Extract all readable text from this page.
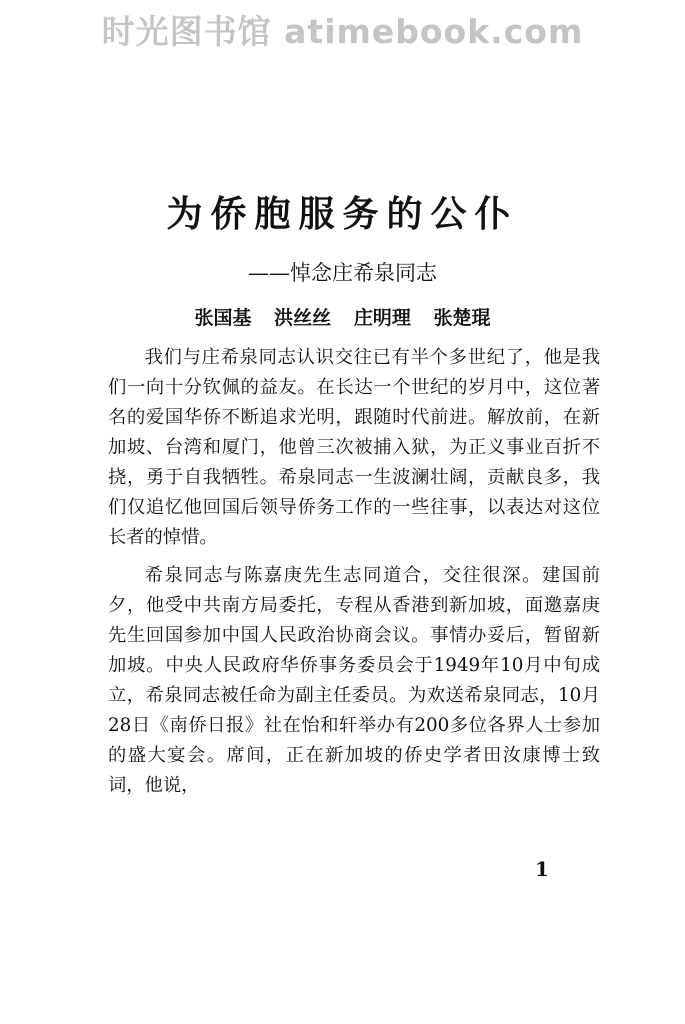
时光图书馆 atimebook.com
为侨胞服务的公仆
——悼念庄希泉同志
张国基 洪丝丝 庄明理 张楚琨

我们与庄希泉同志认识交往已有半个多世纪了，他是我们一向十分钦佩的益友。在长达一个世纪的岁月中，这位著名的爱国华侨不断追求光明，跟随时代前进。解放前，在新加坡、台湾和厦门，他曾三次被捕入狱，为正义事业百折不挠，勇于自我牺牲。希泉同志一生波澜壮阔，贡献良多，我们仅追忆他回国后领导侨务工作的一些往事，以表达对这位长者的悼惜。

希泉同志与陈嘉庚先生志同道合，交往很深。建国前夕，他受中共南方局委托，专程从香港到新加坡，面邀嘉庚先生回国参加中国人民政治协商会议。事情办妥后，暂留新加坡。中央人民政府华侨事务委员会于1949年10月中旬成立，希泉同志被任命为副主任委员。为欢送希泉同志，10月28日《南侨日报》社在怡和轩举办有200多位各界人士参加的盛大宴会。席间，正在新加坡的侨史学者田汝康博士致词，他说，

1
